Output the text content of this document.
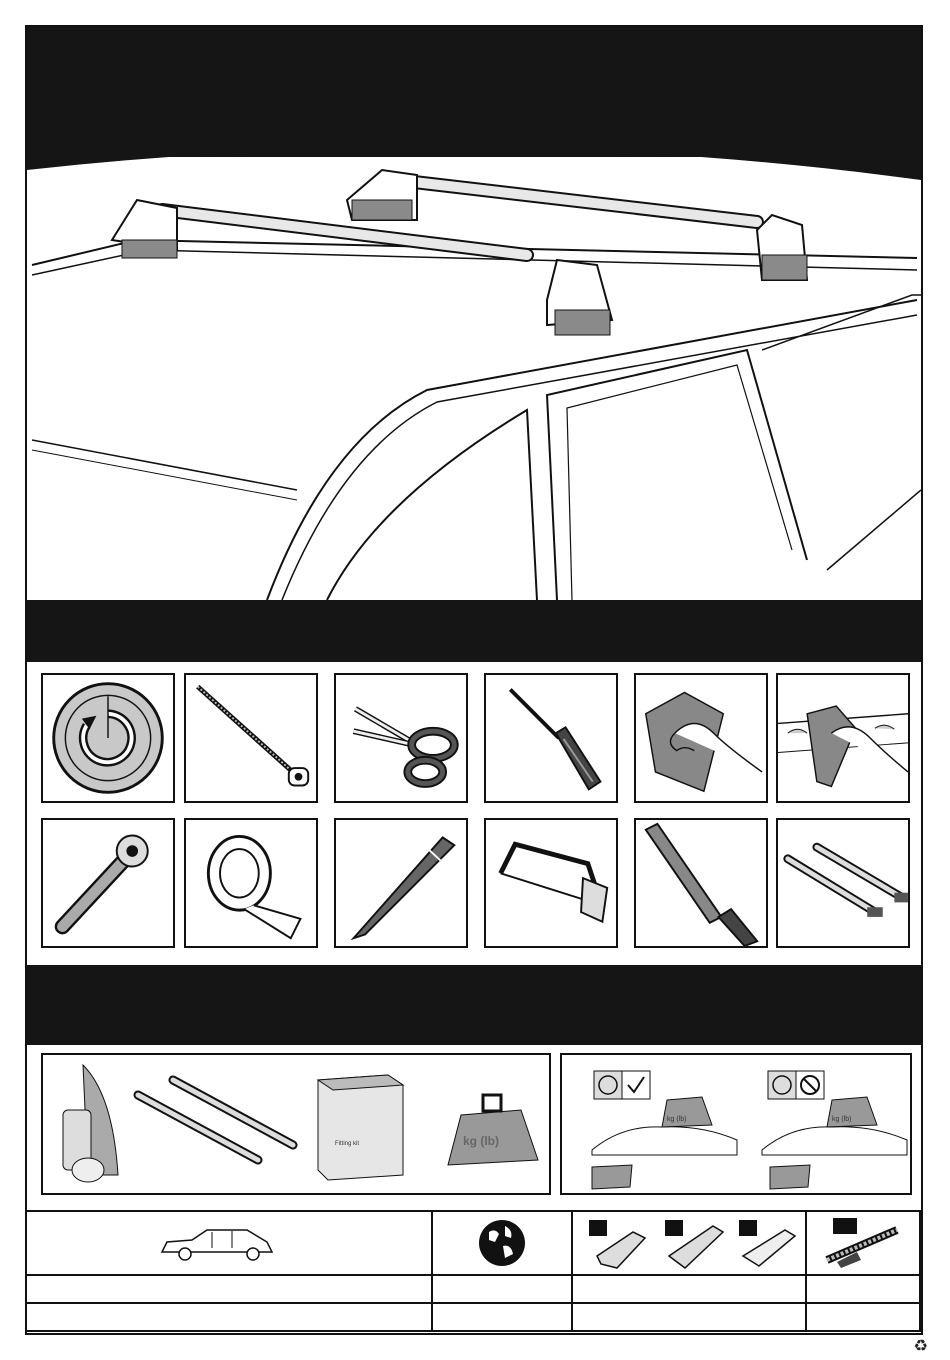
Fitting kit	kg (lb)
kg (lb)	kg (lb)
♻
